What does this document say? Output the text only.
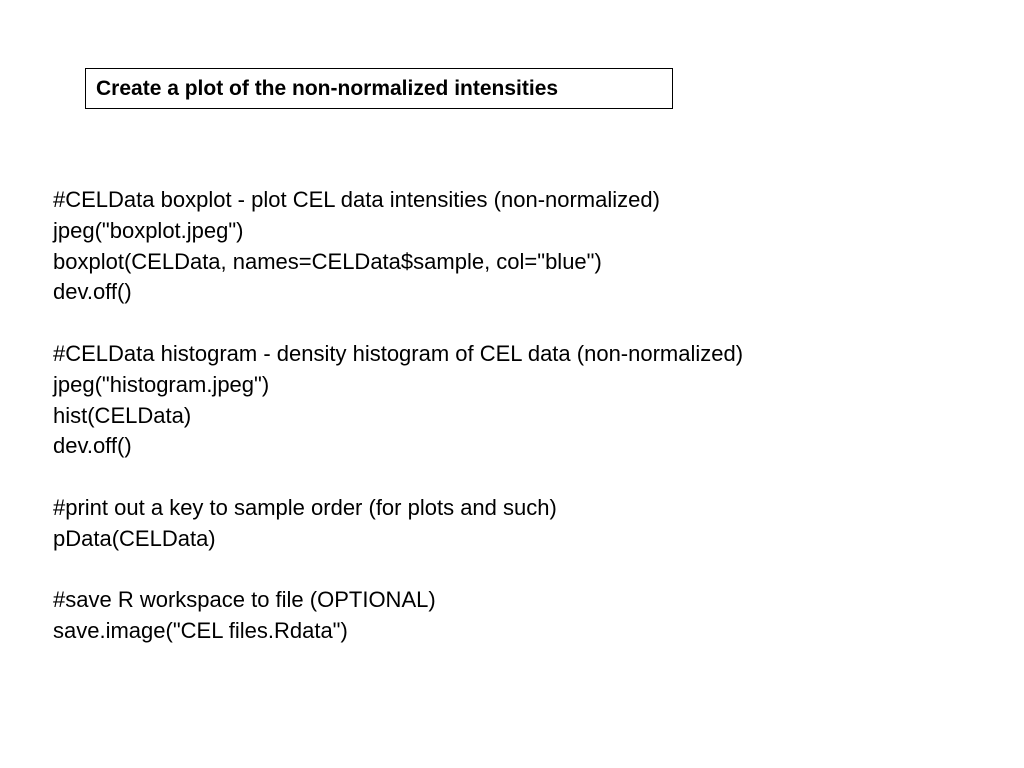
Create a plot of the non-normalized intensities
#CELData boxplot - plot CEL data intensities (non-normalized)
jpeg("boxplot.jpeg")
boxplot(CELData, names=CELData$sample, col="blue")
dev.off()
#CELData histogram - density histogram of CEL data (non-normalized)
jpeg("histogram.jpeg")
hist(CELData)
dev.off()
#print out a key to sample order (for plots and such)
pData(CELData)
#save R workspace to file (OPTIONAL)
save.image("CEL files.Rdata")
